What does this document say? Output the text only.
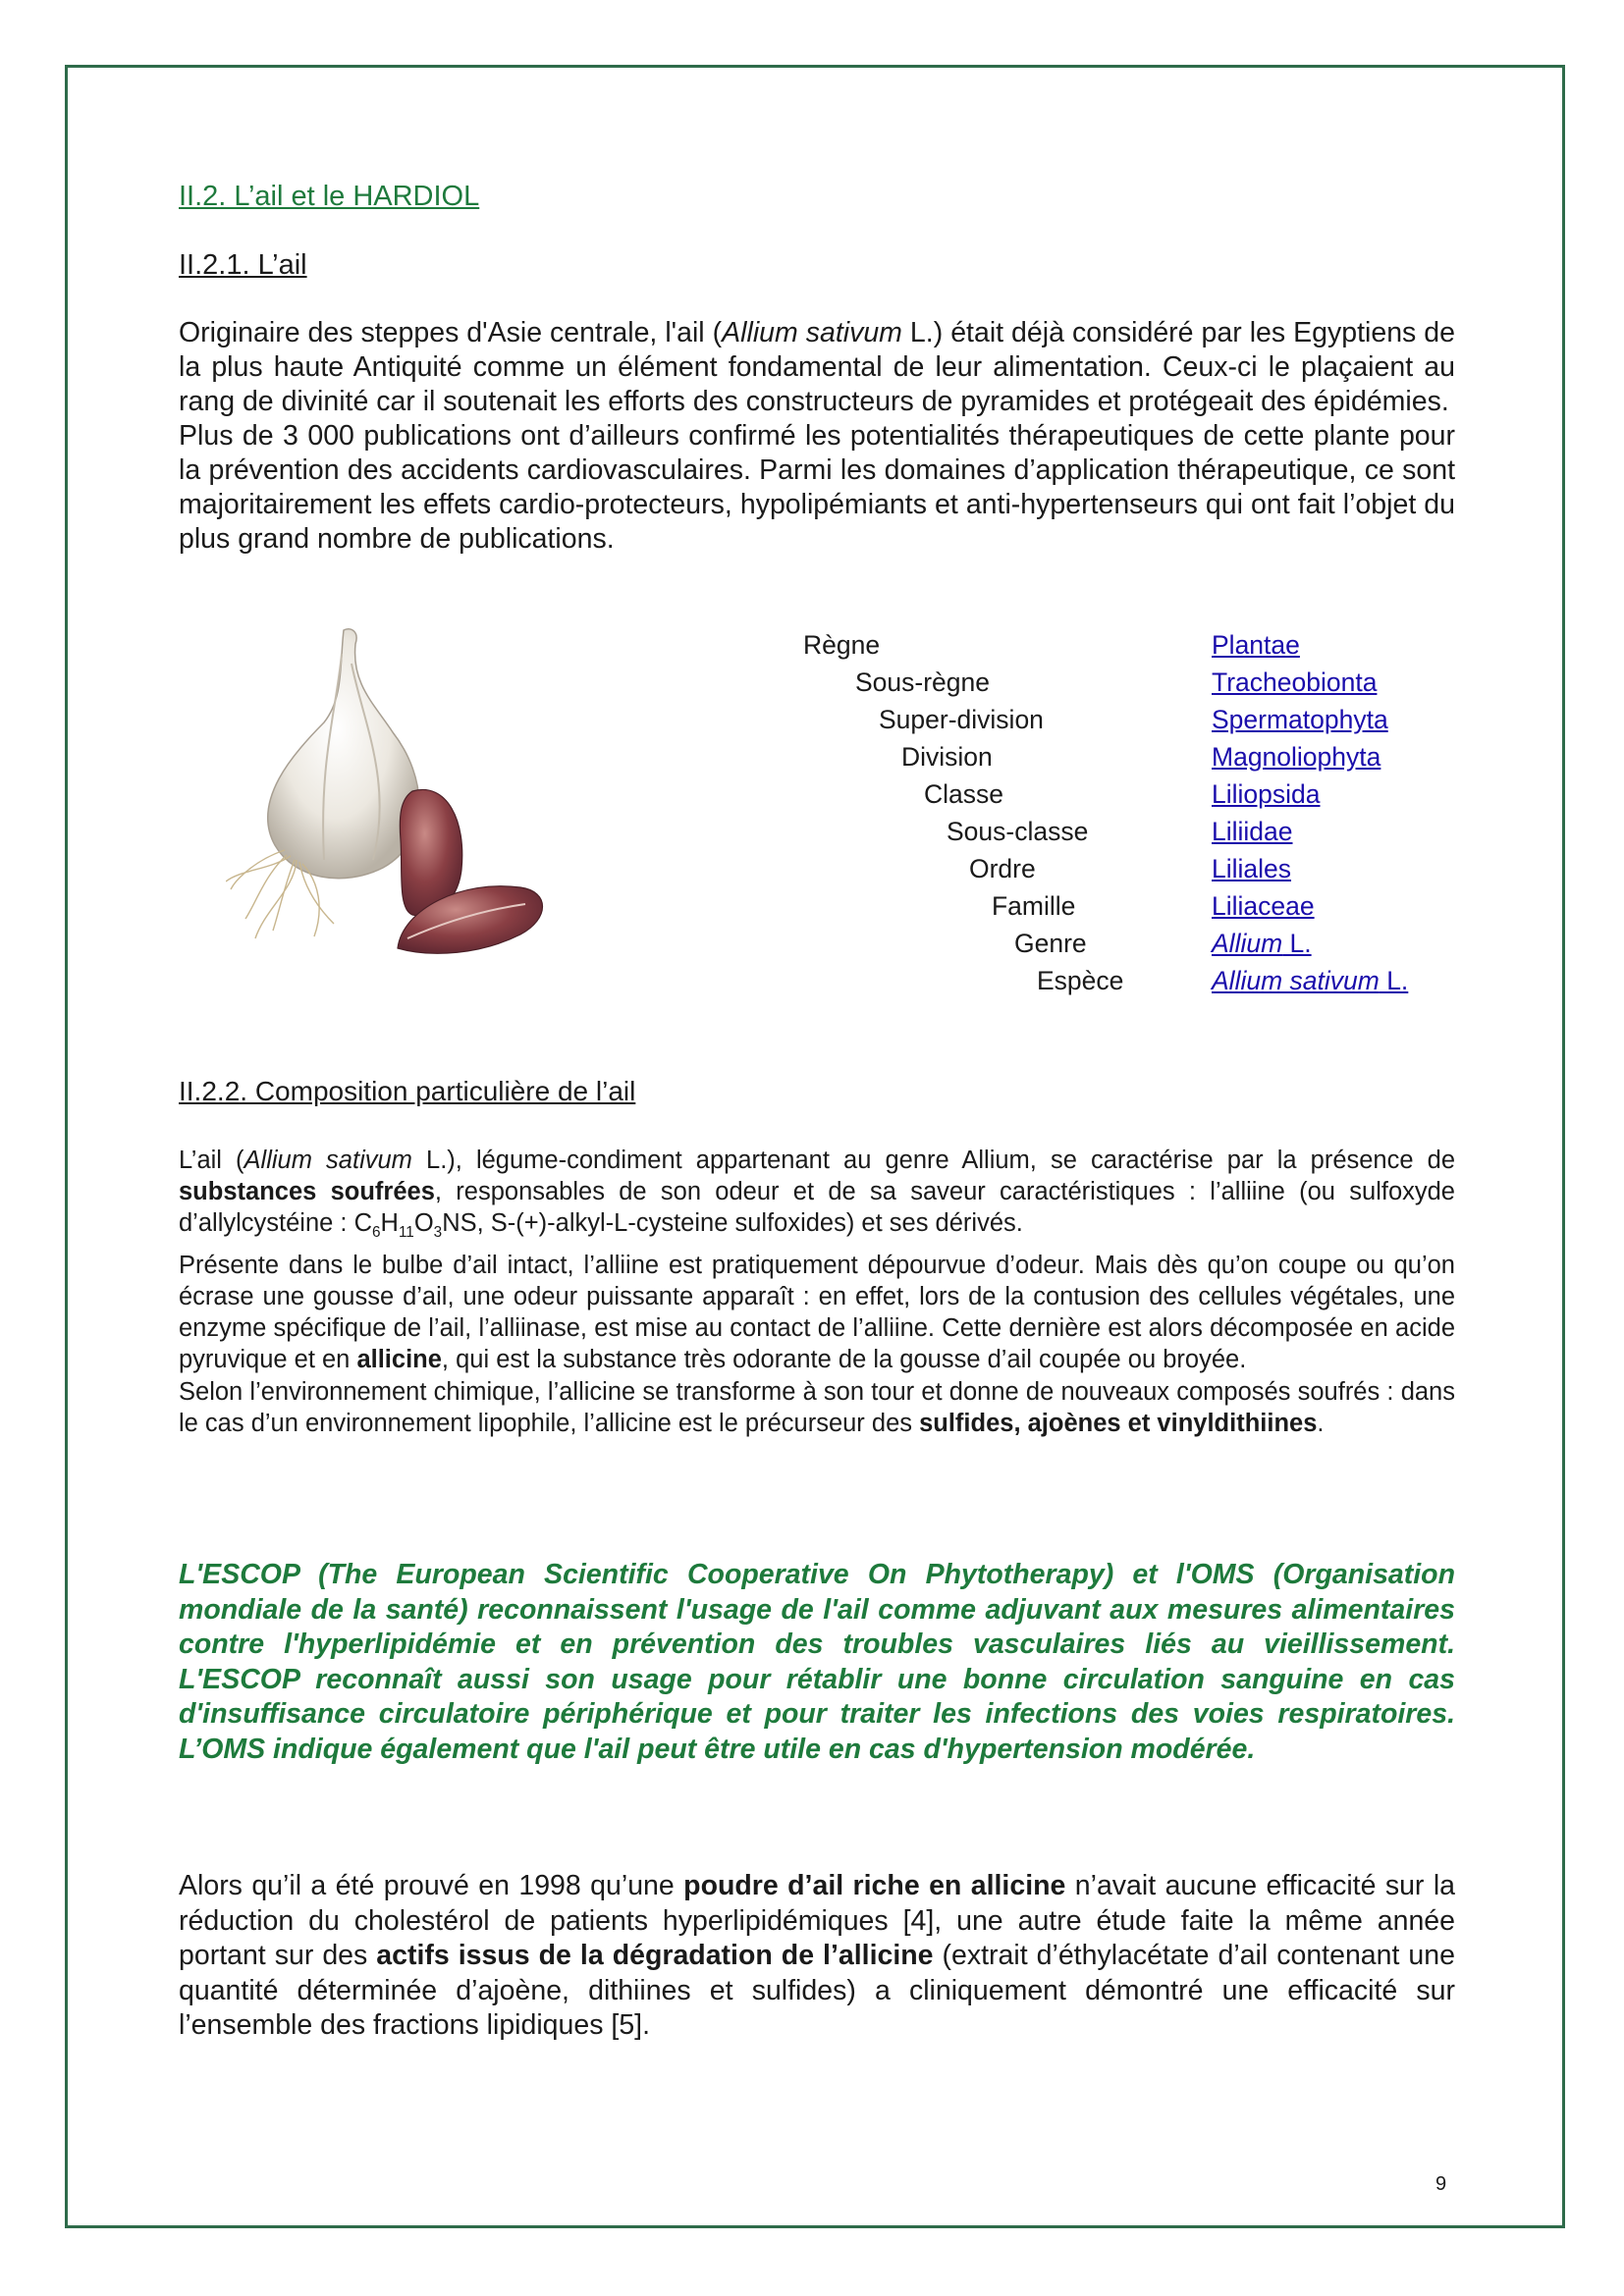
II.2. L’ail et le HARDIOL
II.2.1. L’ail

Originaire des steppes d'Asie centrale, l'ail (Allium sativum L.) était déjà considéré par les Egyptiens de la plus haute Antiquité comme un élément fondamental de leur alimentation. Ceux-ci le plaçaient au rang de divinité car il soutenait les efforts des constructeurs de pyramides et protégeait des épidémies.

Plus de 3 000 publications ont d’ailleurs confirmé les potentialités thérapeutiques de cette plante pour la prévention des accidents cardiovasculaires. Parmi les domaines d’application thérapeutique, ce sont majoritairement les effets cardio-protecteurs, hypolipémiants et anti-hypertenseurs qui ont fait l’objet du plus grand nombre de publications.

Règne	Plantae
Sous-règne	Tracheobionta
Super-division	Spermatophyta
Division	Magnoliophyta
Classe	Liliopsida
Sous-classe	Liliidae
Ordre	Liliales
Famille	Liliaceae
Genre	Allium L.
Espèce	Allium sativum L.
II.2.2. Composition particulière de l’ail

L’ail (Allium sativum L.), légume-condiment appartenant au genre Allium, se caractérise par la présence de substances soufrées, responsables de son odeur et de sa saveur caractéristiques : l’alliine (ou sulfoxyde d’allylcystéine : $C_6H_{11}O_3NS$, S-(+)-alkyl-L-cysteine sulfoxides) et ses dérivés.

Présente dans le bulbe d’ail intact, l’alliine est pratiquement dépourvue d’odeur. Mais dès qu’on coupe ou qu’on écrase une gousse d’ail, une odeur puissante apparaît : en effet, lors de la contusion des cellules végétales, une enzyme spécifique de l’ail, l’alliinase, est mise au contact de l’alliine. Cette dernière est alors décomposée en acide pyruvique et en allicine, qui est la substance très odorante de la gousse d’ail coupée ou broyée.

Selon l’environnement chimique, l’allicine se transforme à son tour et donne de nouveaux composés soufrés : dans le cas d’un environnement lipophile, l’allicine est le précurseur des sulfides, ajoènes et vinyldithiines.

L'ESCOP (The European Scientific Cooperative On Phytotherapy) et l'OMS (Organisation mondiale de la santé) reconnaissent l'usage de l'ail comme adjuvant aux mesures alimentaires contre l'hyperlipidémie et en prévention des troubles vasculaires liés au vieillissement. L'ESCOP reconnaît aussi son usage pour rétablir une bonne circulation sanguine en cas d'insuffisance circulatoire périphérique et pour traiter les infections des voies respiratoires. L’OMS indique également que l'ail peut être utile en cas d'hypertension modérée.
Alors qu’il a été prouvé en 1998 qu’une poudre d’ail riche en allicine n’avait aucune efficacité sur la réduction du cholestérol de patients hyperlipidémiques [4], une autre étude faite la même année portant sur des actifs issus de la dégradation de l’allicine (extrait d’éthylacétate d’ail contenant une quantité déterminée d’ajoène, dithiines et sulfides) a cliniquement démontré une efficacité sur l’ensemble des fractions lipidiques [5].
9
